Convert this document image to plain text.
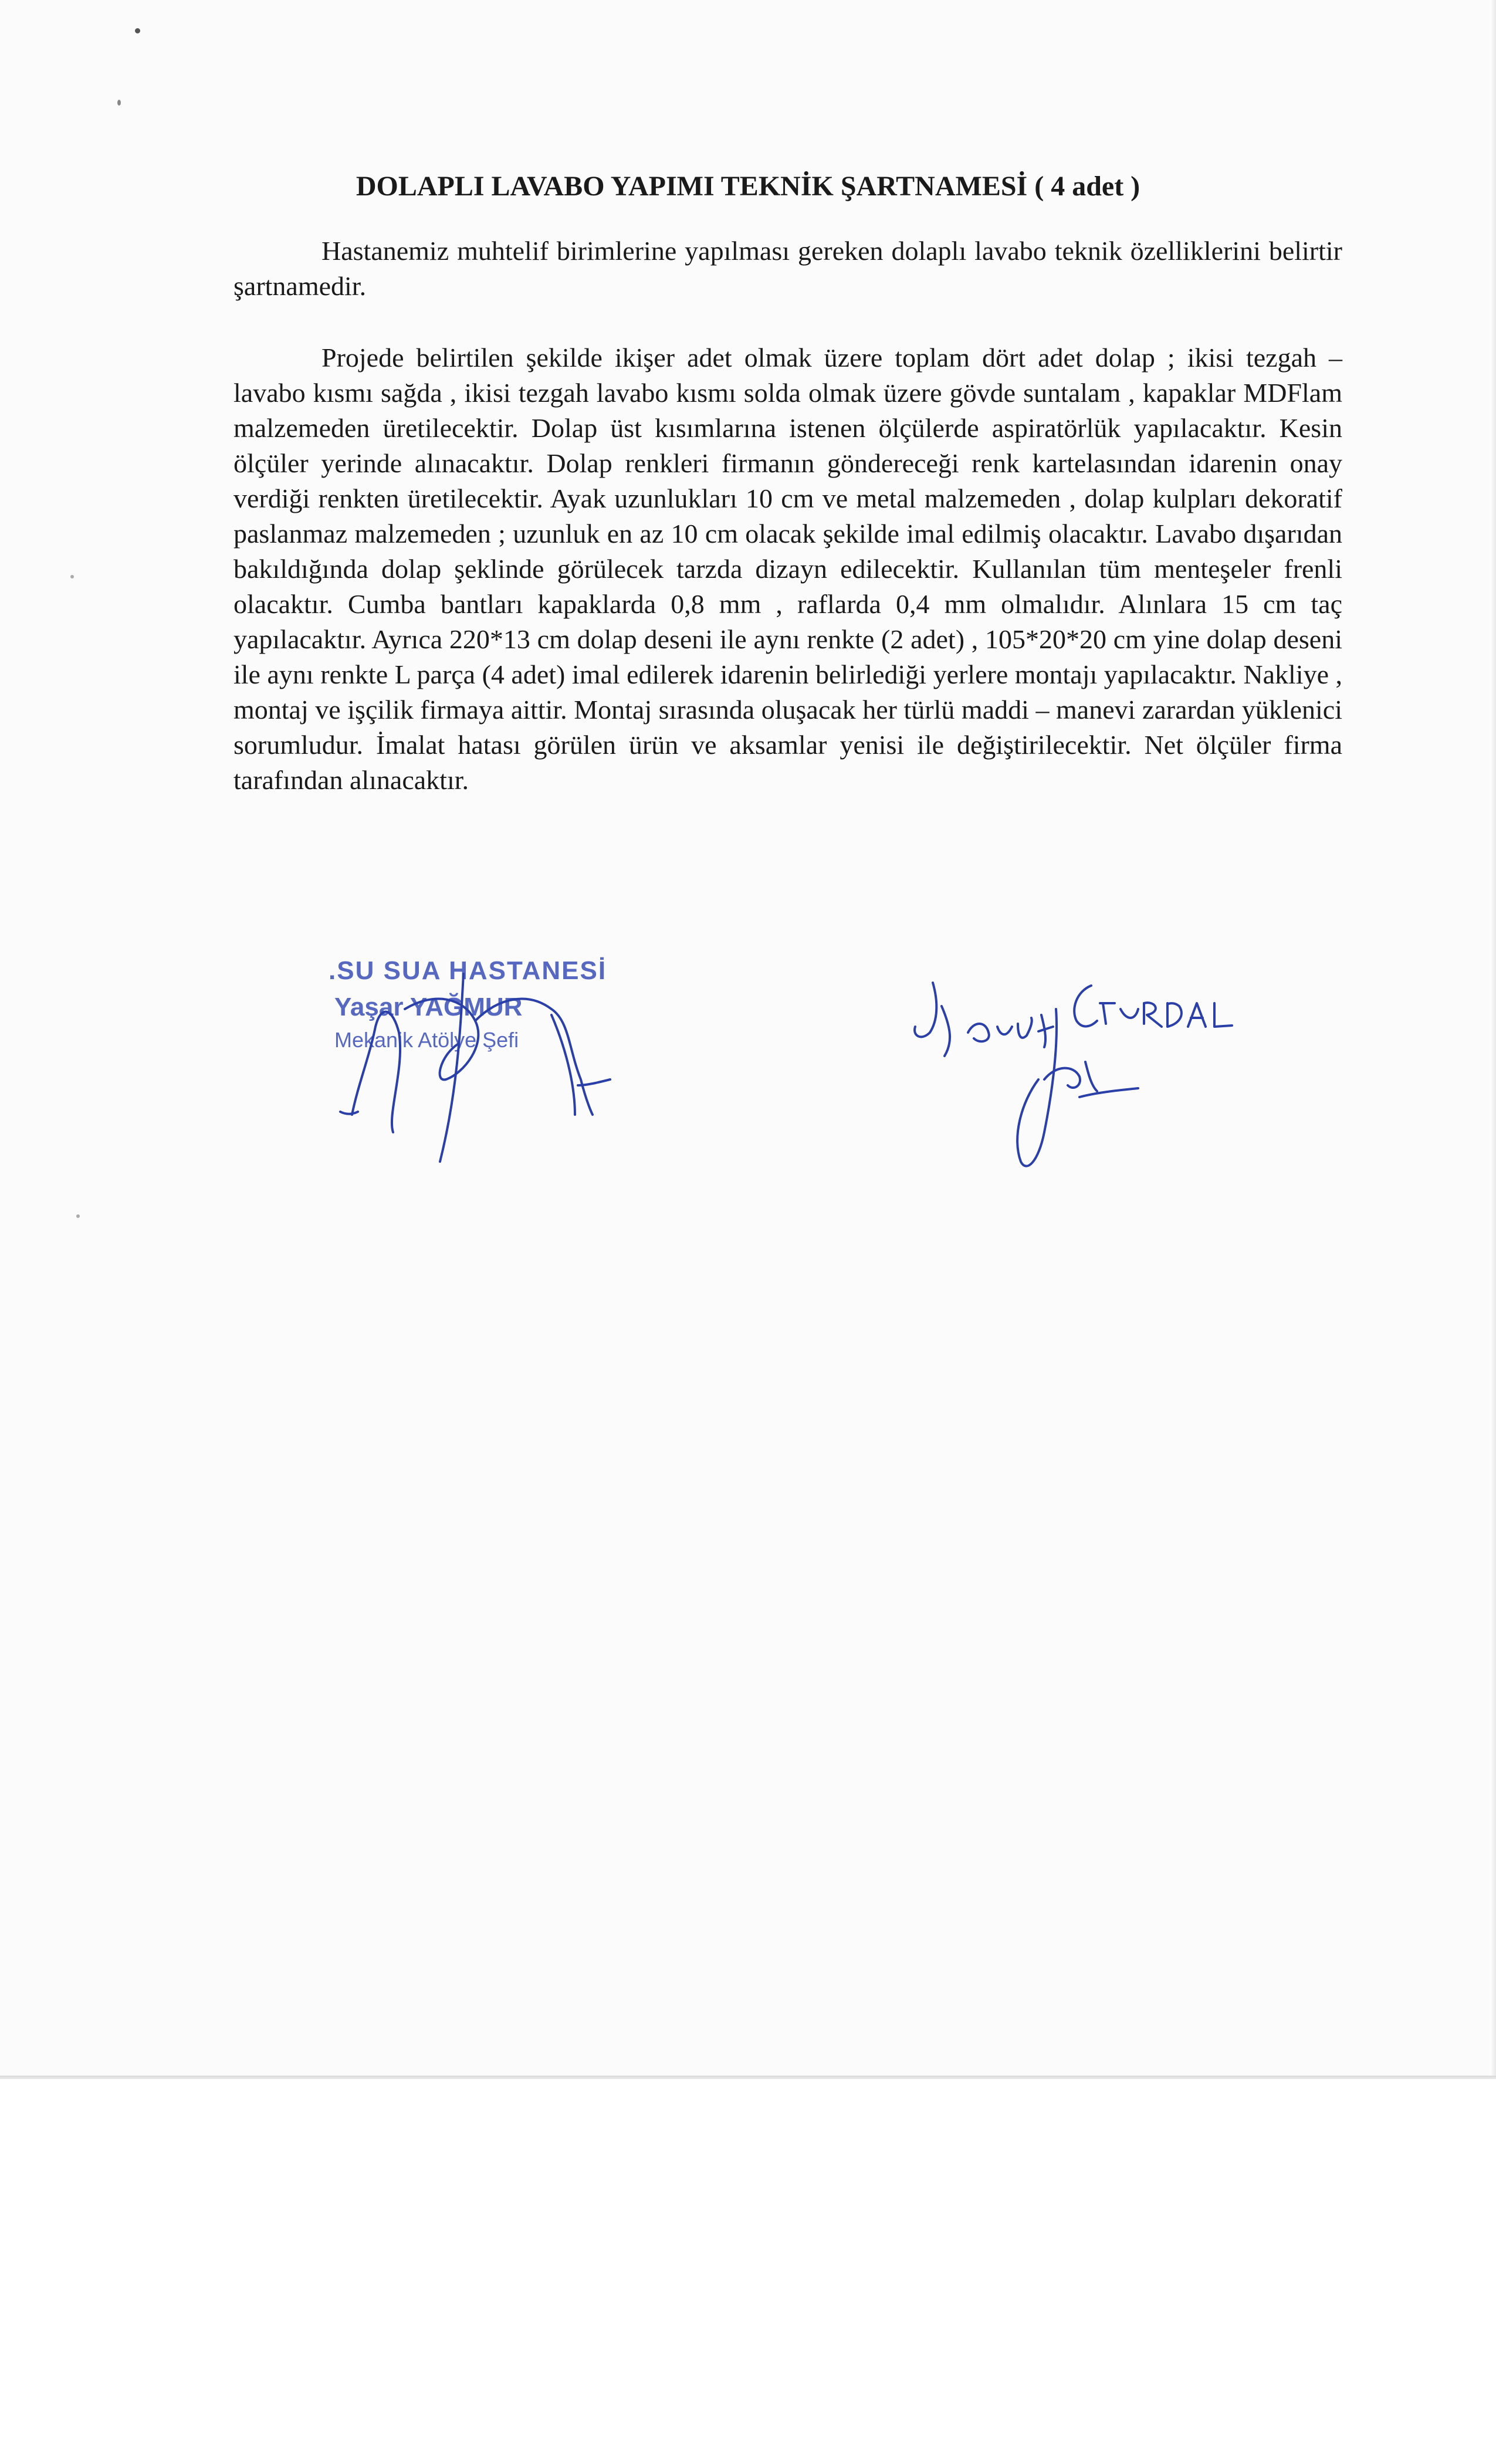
DOLAPLI LAVABO YAPIMI TEKNİK ŞARTNAMESİ ( 4 adet )

Hastanemiz muhtelif birimlerine yapılması gereken dolaplı lavabo teknik özelliklerini belirtir şartnamedir.

Projede belirtilen şekilde ikişer adet olmak üzere toplam dört adet dolap ; ikisi tezgah – lavabo kısmı sağda , ikisi tezgah lavabo kısmı solda olmak üzere gövde suntalam , kapaklar MDFlam malzemeden üretilecektir. Dolap üst kısımlarına istenen ölçülerde aspiratörlük yapılacaktır. Kesin ölçüler yerinde alınacaktır. Dolap renkleri firmanın göndereceği renk kartelasından idarenin onay verdiği renkten üretilecektir. Ayak uzunlukları 10 cm ve metal malzemeden , dolap kulpları dekoratif paslanmaz malzemeden ; uzunluk en az 10 cm olacak şekilde imal edilmiş olacaktır. Lavabo dışarıdan bakıldığında dolap şeklinde görülecek tarzda dizayn edilecektir. Kullanılan tüm menteşeler frenli olacaktır. Cumba bantları kapaklarda 0,8 mm , raflarda 0,4 mm olmalıdır. Alınlara 15 cm taç yapılacaktır. Ayrıca 220*13 cm dolap deseni ile aynı renkte (2 adet) , 105*20*20 cm yine dolap deseni ile aynı renkte L parça (4 adet) imal edilerek idarenin belirlediği yerlere montajı yapılacaktır. Nakliye , montaj ve işçilik firmaya aittir. Montaj sırasında oluşacak her türlü maddi – manevi zarardan yüklenici sorumludur. İmalat hatası görülen ürün ve aksamlar yenisi ile değiştirilecektir. Net ölçüler firma tarafından alınacaktır.

.SU SUA HASTANESİ

Yaşar YAĞMUR

Mekanik Atölye Şefi
